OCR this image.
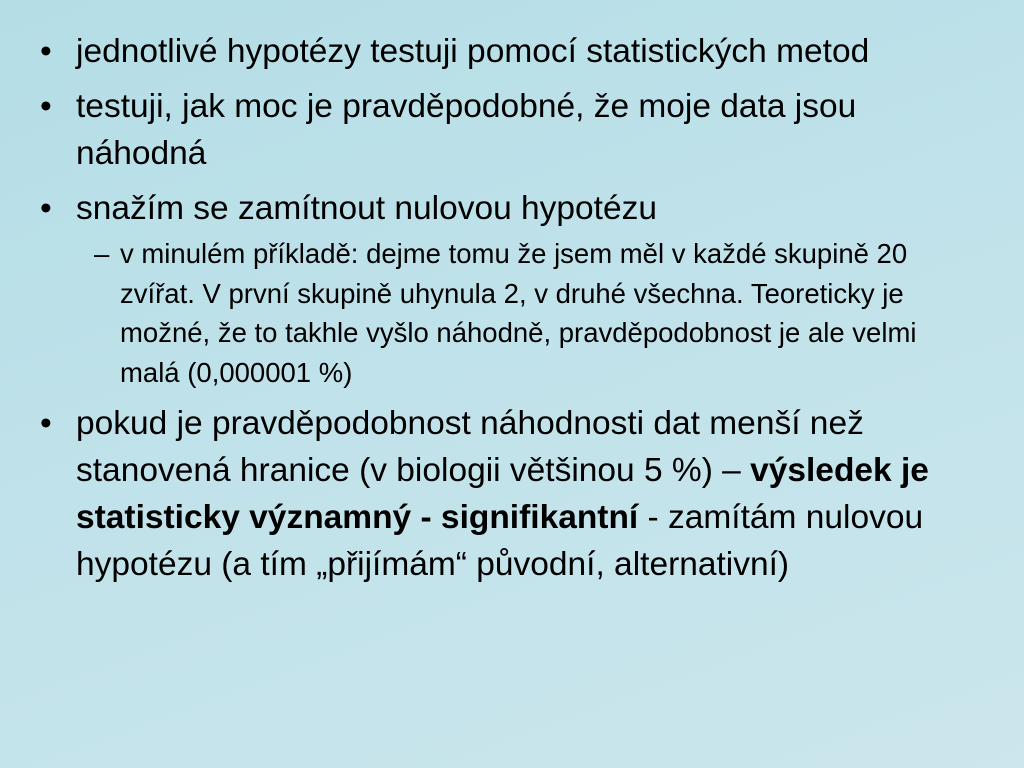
• jednotlivé hypotézy testuji pomocí statistických metod
• testuji, jak moc je pravděpodobné, že moje data jsou náhodná
• snažím se zamítnout nulovou hypotézu
– v minulém příkladě: dejme tomu že jsem měl v každé skupině 20 zvířat. V první skupině uhynula 2, v druhé všechna. Teoreticky je možné, že to takhle vyšlo náhodně, pravděpodobnost je ale velmi malá (0,000001 %)
• pokud je pravděpodobnost náhodnosti dat menší než stanovená hranice (v biologii většinou 5 %) – výsledek je statisticky významný - signifikantní - zamítám nulovou hypotézu (a tím „přijímám“ původní, alternativní)
